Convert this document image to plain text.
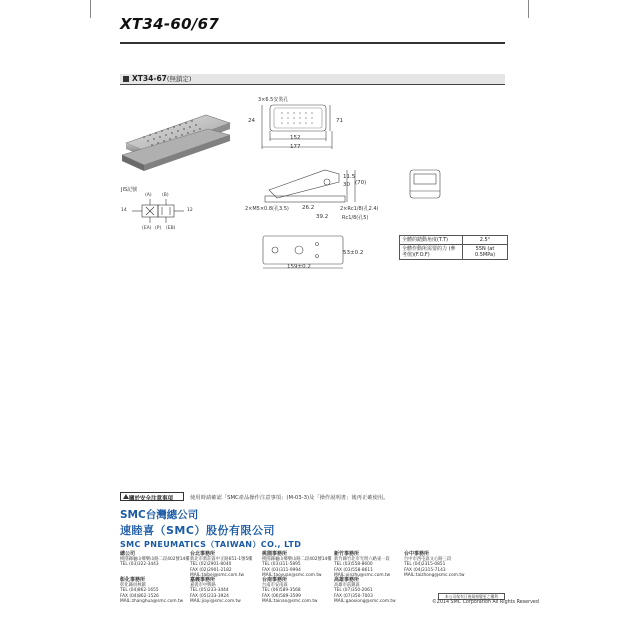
XT34-60/67
XT34-67(無鎖定)
JIS記號
(A) (B)
14	12
(EA) (P) (EB)
3×6.5安裝孔
24	71
152
177
11.5
30 (70)
2×M5×0.8(孔3.5) 26.2	2×Rc1/8(孔2.4)
39.2	Rc1/8(孔5)
159±0.2
53±0.2
全體的踏動角度(T.T)	2.5°
全體作動所需要的力 (參考值)(F.O.F)	55N (at 0.5MPa)
關於安全注意事項	使用時請確認「SMC產品操作注意事項」(M-03-3)及「操作說明書」後再正確使用。
SMC台灣總公司
速睦喜（SMC）股份有限公司
SMC PNEUMATICS（TAIWAN）CO., LTD
總公司
桃園縣龜山鄉樂山路二段402號14樓
TEL (03)322-3443
台北事務所
新北市新莊區中正路651-1號5樓
TEL (02)2901-8040
FAX (02)2901-2182
MAIL:taibei@smc.com.tw
桃園事務所
桃園縣龜山鄉樂山路二段402號14樓
TEL (03)311-5895
FAX (03)311-9994
MAIL:taoyuan@smc.com.tw
新竹事務所
新竹縣竹北市光明六路東一段
TEL (03)558-8600
FAX (03)558-8611
MAIL:xinzhu@smc.com.tw
台中事務所
台中市西屯區文心路三段
TEL (04)2315-0851
FAX (04)2315-7143
MAIL:taizhong@smc.com.tw
彰化事務所
彰化縣員林鎮
TEL (04)862-1655
FAX (04)862-1526
MAIL:zhanghua@smc.com.tw
嘉義事務所
嘉義市中興路
TEL (05)233-3444
FAX (05)233-3924
MAIL:jiayi@smc.com.tw
台南事務所
台南市安南區
TEL (06)589-3568
FAX (06)589-3599
MAIL:tainan@smc.com.tw
高雄事務所
高雄市前鎮區
TEL (07)350-2061
FAX (07)350-7003
MAIL:gaoxiong@smc.com.tw
本公司保有日後規格變更之權利
©2014 SMC Corporation All Rights Reserved
